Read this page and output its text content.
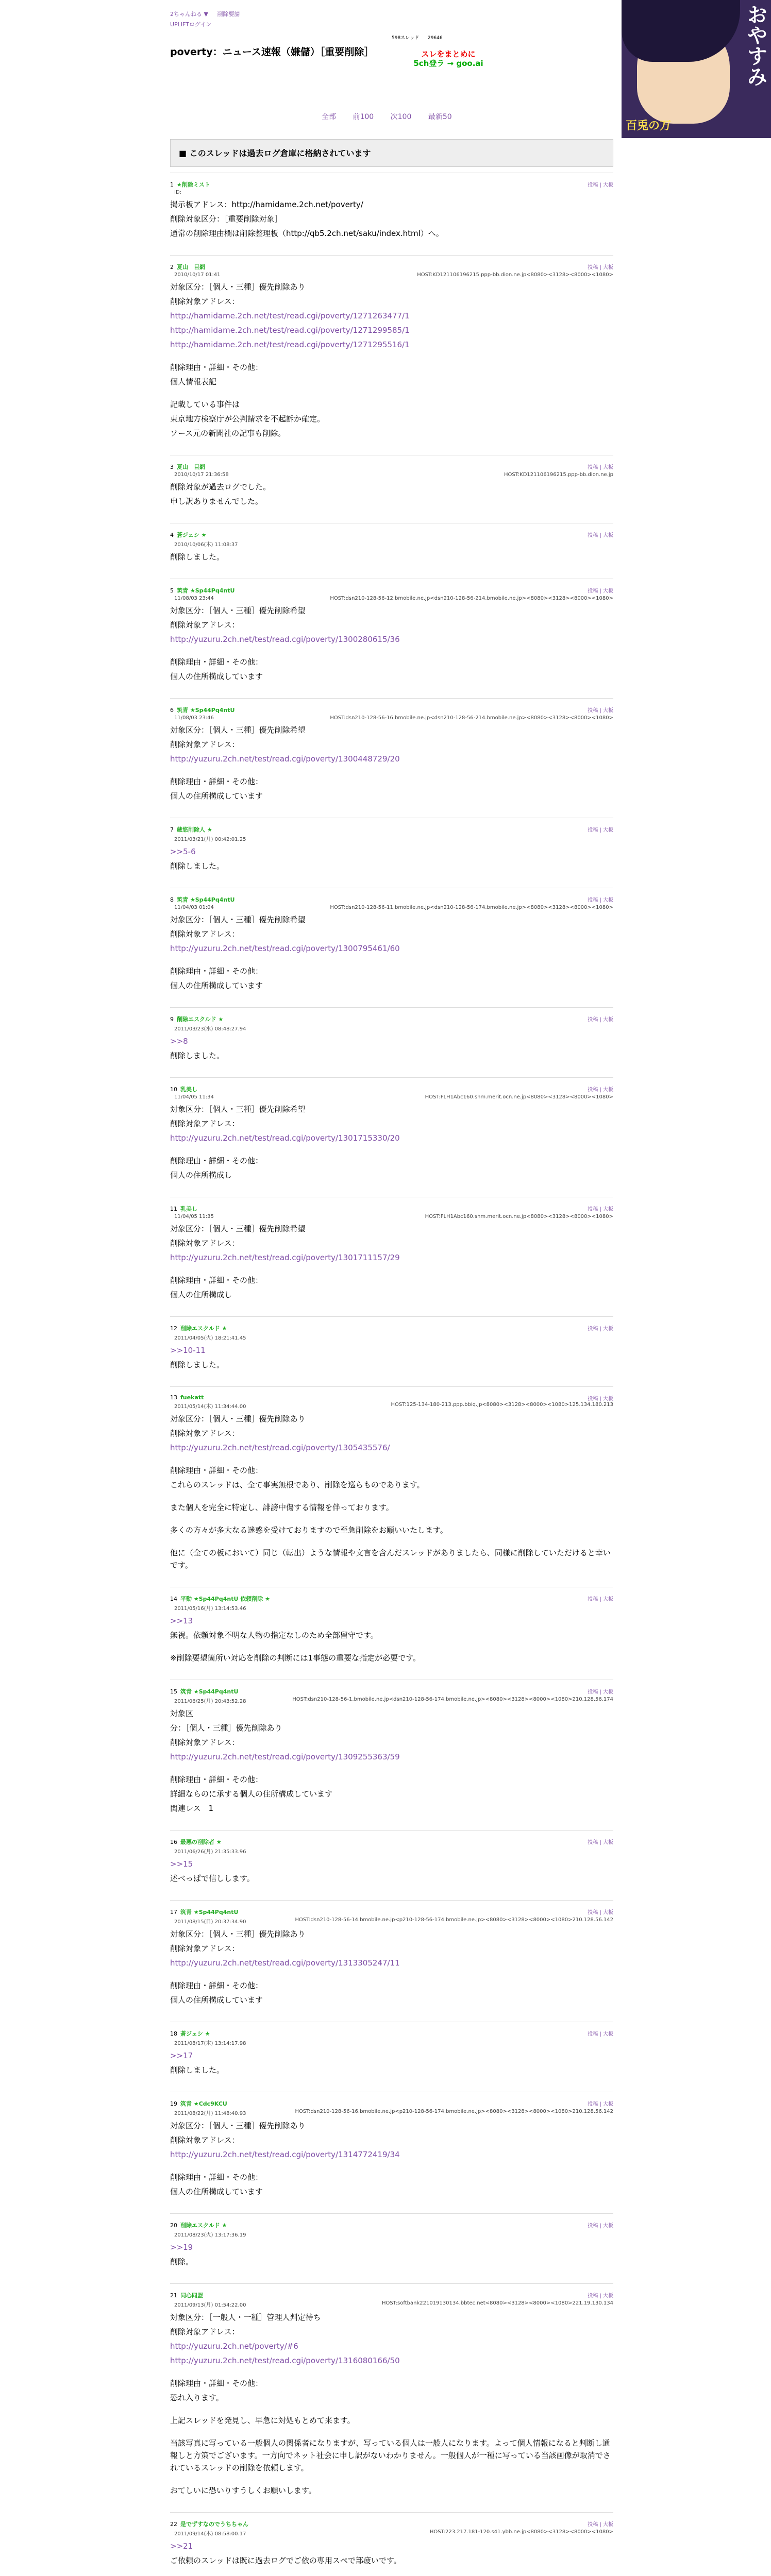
2ちゃんねる ▼ 削除要請
UPLIFTログイン
598スレッド 29646
poverty：ニュース速報（嫌儲）［重要削除］	スレをまとめに
5ch登ラ → goo.ai	おやすみ
百兎の万
全部 前100 次100 最新50
■ このスレッドは過去ログ倉庫に格納されています
1 ★削除ミスト	投稿 | 大板
ID:
掲示板アドレス：http://hamidame.2ch.net/poverty/
削除対象区分：［重要削除対象］
通常の削除理由欄は削除整理板（http://qb5.2ch.net/saku/index.html）へ。
2 夏山　目網	投稿 | 大板
2010/10/17 01:41	HOST:KD121106196215.ppp-bb.dion.ne.jp<8080><3128><8000><1080>
対象区分：［個人・三種］優先削除あり
削除対象アドレス：
http://hamidame.2ch.net/test/read.cgi/poverty/1271263477/1
http://hamidame.2ch.net/test/read.cgi/poverty/1271299585/1
http://hamidame.2ch.net/test/read.cgi/poverty/1271295516/1
削除理由・詳細・その他：
個人情報表記
記載している事件は
東京地方検察庁が公判請求を不起訴か確定。
ソース元の新聞社の記事も削除。
3 夏山　目網	投稿 | 大板
2010/10/17 21:36:58	HOST:KD121106196215.ppp-bb.dion.ne.jp
削除対象が過去ログでした。
申し訳ありませんでした。
4 蒼ジェシ ★	投稿 | 大板
2010/10/06(木) 11:08:37
削除しました。
5 筑青 ★Sp44Pq4ntU	投稿 | 大板
11/08/03 23:44	HOST:dsn210-128-56-12.bmobile.ne.jp<dsn210-128-56-214.bmobile.ne.jp><8080><3128><8000><1080>
対象区分：［個人・三種］優先削除希望
削除対象アドレス：
http://yuzuru.2ch.net/test/read.cgi/poverty/1300280615/36
削除理由・詳細・その他：
個人の住所構成しています
6 筑青 ★Sp44Pq4ntU	投稿 | 大板
11/08/03 23:46	HOST:dsn210-128-56-16.bmobile.ne.jp<dsn210-128-56-214.bmobile.ne.jp><8080><3128><8000><1080>
対象区分：［個人・三種］優先削除希望
削除対象アドレス：
http://yuzuru.2ch.net/test/read.cgi/poverty/1300448729/20
削除理由・詳細・その他：
個人の住所構成しています
7 蔵悠削除人 ★	投稿 | 大板
2011/03/21(月) 00:42:01.25
>>5-6
削除しました。
8 筑青 ★Sp44Pq4ntU	投稿 | 大板
11/04/03 01:04	HOST:dsn210-128-56-11.bmobile.ne.jp<dsn210-128-56-174.bmobile.ne.jp><8080><3128><8000><1080>
対象区分：［個人・三種］優先削除希望
削除対象アドレス：
http://yuzuru.2ch.net/test/read.cgi/poverty/1300795461/60
削除理由・詳細・その他：
個人の住所構成しています
9 削除エスクルド ★	投稿 | 大板
2011/03/23(水) 08:48:27.94
>>8
削除しました。
10 乳美し	投稿 | 大板
11/04/05 11:34	HOST:FLH1Abc160.shm.merit.ocn.ne.jp<8080><3128><8000><1080>
対象区分：［個人・三種］優先削除希望
削除対象アドレス：
http://yuzuru.2ch.net/test/read.cgi/poverty/1301715330/20
削除理由・詳細・その他：
個人の住所構成し
11 乳美し	投稿 | 大板
11/04/05 11:35	HOST:FLH1Abc160.shm.merit.ocn.ne.jp<8080><3128><8000><1080>
対象区分：［個人・三種］優先削除希望
削除対象アドレス：
http://yuzuru.2ch.net/test/read.cgi/poverty/1301711157/29
削除理由・詳細・その他：
個人の住所構成し
12 削除エスクルド ★	投稿 | 大板
2011/04/05(火) 18:21:41.45
>>10-11
削除しました。
13 fuekatt	投稿 | 大板
2011/05/14(木) 11:34:44.00	HOST:125-134-180-213.ppp.bbiq.jp<8080><3128><8000><1080>125.134.180.213
対象区分：［個人・三種］優先削除あり
削除対象アドレス：
http://yuzuru.2ch.net/test/read.cgi/poverty/1305435576/
削除理由・詳細・その他：
これらのスレッドは、全て事実無根であり、削除を巡らものであります。
また個人を完全に特定し、誹謗中傷する情報を伴っております。
多くの方々が多大なる迷惑を受けておりますので至急削除をお願いいたします。
他に（全ての板において）同じ（転出）ような情報や文言を含んだスレッドがありましたら、同様に削除していただけると幸いです。
14 平動 ★Sp44Pq4ntU 依頼削除 ★	投稿 | 大板
2011/05/16(月) 13:14:53.46
>>13
無視。依頼対象不明な人物の指定なしのため全部留守です。
※削除要望箇所い対応を削除の判断には1事態の重要な指定が必要です。
15 筑青 ★Sp44Pq4ntU	投稿 | 大板
2011/06/25(月) 20:43:52.28	HOST:dsn210-128-56-1.bmobile.ne.jp<dsn210-128-56-174.bmobile.ne.jp><8080><3128><8000><1080>210.128.56.174
対象区
分：［個人・三種］優先削除あり
削除対象アドレス：
http://yuzuru.2ch.net/test/read.cgi/poverty/1309255363/59
削除理由・詳細・その他：
詳細ならのに承する個人の住所構成しています
関連レス　1
16 最悪の削除者 ★	投稿 | 大板
2011/06/26(月) 21:35:33.96
>>15
述べっぱで信しします。
17 筑青 ★Sp44Pq4ntU	投稿 | 大板
2011/08/15(日) 20:37:34.90	HOST:dsn210-128-56-14.bmobile.ne.jp<p210-128-56-174.bmobile.ne.jp><8080><3128><8000><1080>210.128.56.142
対象区分：［個人・三種］優先削除あり
削除対象アドレス：
http://yuzuru.2ch.net/test/read.cgi/poverty/1313305247/11
削除理由・詳細・その他：
個人の住所構成しています
18 蒼ジェシ ★	投稿 | 大板
2011/08/17(木) 13:14:17.98
>>17
削除しました。
19 筑青 ★Cdc9KCU	投稿 | 大板
2011/08/22(月) 11:48:40.93	HOST:dsn210-128-56-16.bmobile.ne.jp<p210-128-56-174.bmobile.ne.jp><8080><3128><8000><1080>210.128.56.142
対象区分：［個人・三種］優先削除あり
削除対象アドレス：
http://yuzuru.2ch.net/test/read.cgi/poverty/1314772419/34
削除理由・詳細・その他：
個人の住所構成しています
20 削除エスクルド ★	投稿 | 大板
2011/08/23(火) 13:17:36.19
>>19
削除。
21 同心同盟	投稿 | 大板
2011/09/13(月) 01:54:22.00	HOST:softbank221019130134.bbtec.net<8080><3128><8000><1080>221.19.130.134
対象区分：［一般人・一種］管理人判定待ち
削除対象アドレス：
http://yuzuru.2ch.net/poverty/#6
http://yuzuru.2ch.net/test/read.cgi/poverty/1316080166/50
削除理由・詳細・その他：
恐れ入ります。
上記スレッドを発見し、早急に対処もとめて来ます。
当該写真に写っている一般個人の関係者になりますが、写っている個人は一般人になります。よって個人情報になると判断し通報しと方策でございます。一方向でネット社会に申し訳がないわかりません。一般個人が一種に写っている当該画像が取消でされているスレッドの削除を依頼します。
おてしいに恐いりすうしくお願いします。
22 是でずすなのでうちちゃん	投稿 | 大板
2011/09/14(木) 08:58:00.17	HOST:223.217.181-120.s41.ybb.ne.jp<8080><3128><8000><1080>
>>21
ご依頼のスレッドは既に過去ログでご依の専用スペで部疲いです。
